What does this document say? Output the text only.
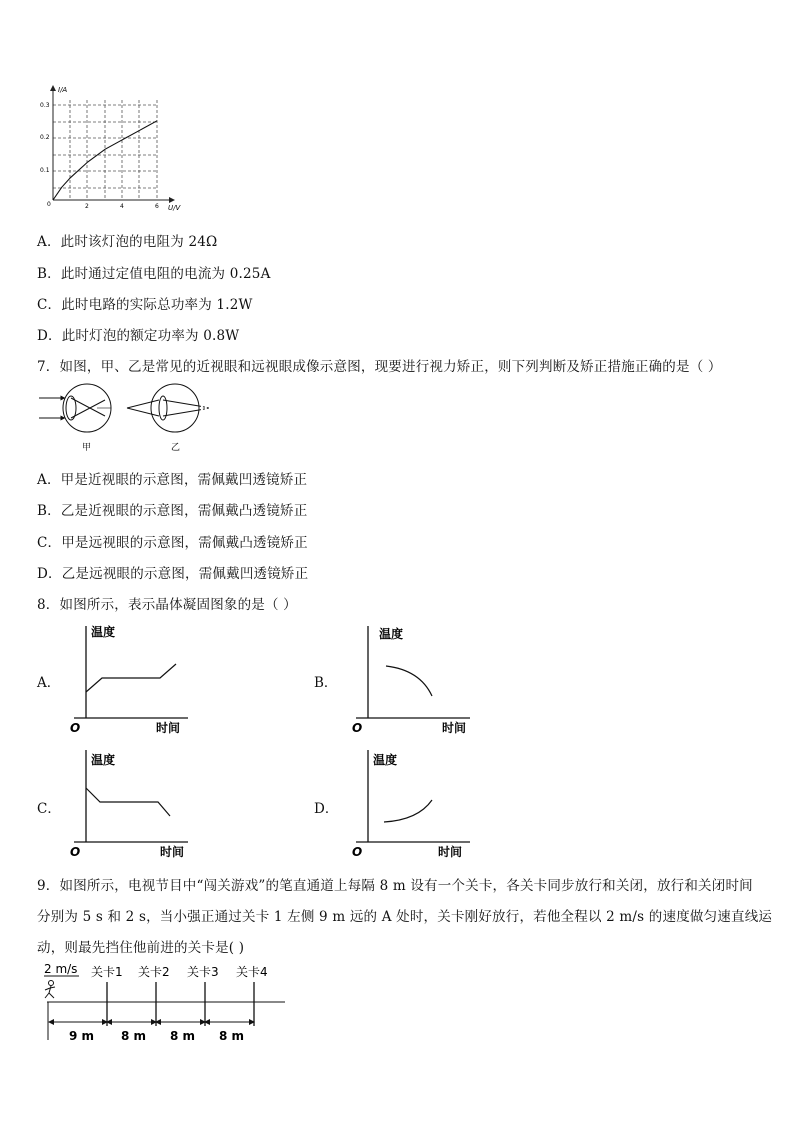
I/A
U/V
0
0.1
0.2
0.3
2	4	6
A．此时该灯泡的电阻为 24Ω
B．此时通过定值电阻的电流为 0.25A
C．此时电路的实际总功率为 1.2W
D．此时灯泡的额定功率为 0.8W
7．如图，甲、乙是常见的近视眼和远视眼成像示意图，现要进行视力矫正，则下列判断及矫正措施正确的是（ ）
甲	乙
A．甲是近视眼的示意图，需佩戴凹透镜矫正
B．乙是近视眼的示意图，需佩戴凸透镜矫正
C．甲是远视眼的示意图，需佩戴凸透镜矫正
D．乙是远视眼的示意图，需佩戴凹透镜矫正
8．如图所示，表示晶体凝固图象的是（ ）
A．	B．
C．	D．
温度
时间
O
温度
时间
O
温度
时间
O
温度
时间
O
9．如图所示，电视节目中“闯关游戏”的笔直通道上每隔 8 m 设有一个关卡，各关卡同步放行和关闭，放行和关闭时间
分别为 5 s 和 2 s，当小强正通过关卡 1 左侧 9 m 远的 A 处时，关卡刚好放行，若他全程以 2 m/s 的速度做匀速直线运
动，则最先挡住他前进的关卡是( )
2 m/s 关卡1 关卡2 关卡3 关卡4
9 m 8 m 8 m 8 m
